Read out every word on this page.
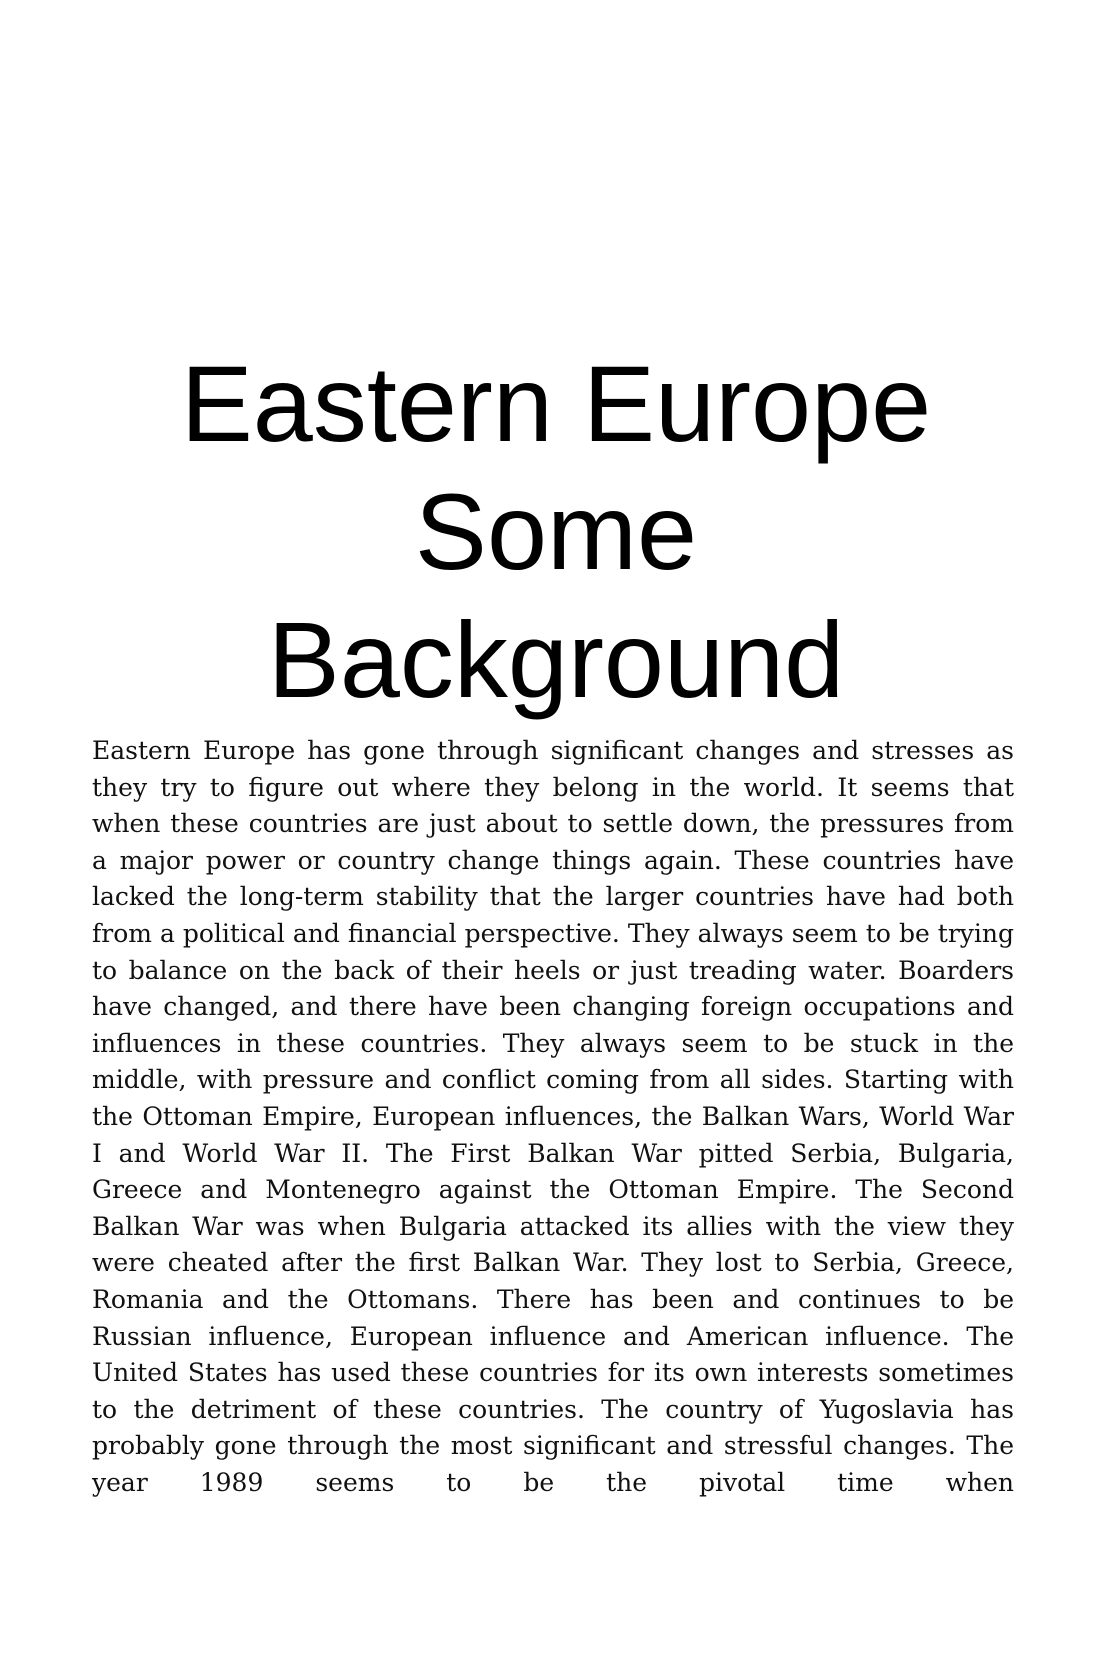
Eastern Europe
Some
Background

Eastern Europe has gone through significant changes and stresses as they try to figure out where they belong in the world. It seems that when these countries are just about to settle down, the pressures from a major power or country change things again. These countries have lacked the long-term stability that the larger countries have had both from a political and financial perspective. They always seem to be trying to balance on the back of their heels or just treading water. Boarders have changed, and there have been changing foreign occupations and influences in these countries. They always seem to be stuck in the middle, with pressure and conflict coming from all sides. Starting with the Ottoman Empire, European influences, the Balkan Wars, World War I and World War II. The First Balkan War pitted Serbia, Bulgaria, Greece and Montenegro against the Ottoman Empire. The Second Balkan War was when Bulgaria attacked its allies with the view they were cheated after the first Balkan War. They lost to Serbia, Greece, Romania and the Ottomans. There has been and continues to be Russian influence, European influence and American influence. The United States has used these countries for its own interests sometimes to the detriment of these countries. The country of Yugoslavia has probably gone through the most significant and stressful changes. The year 1989 seems to be the pivotal time when
